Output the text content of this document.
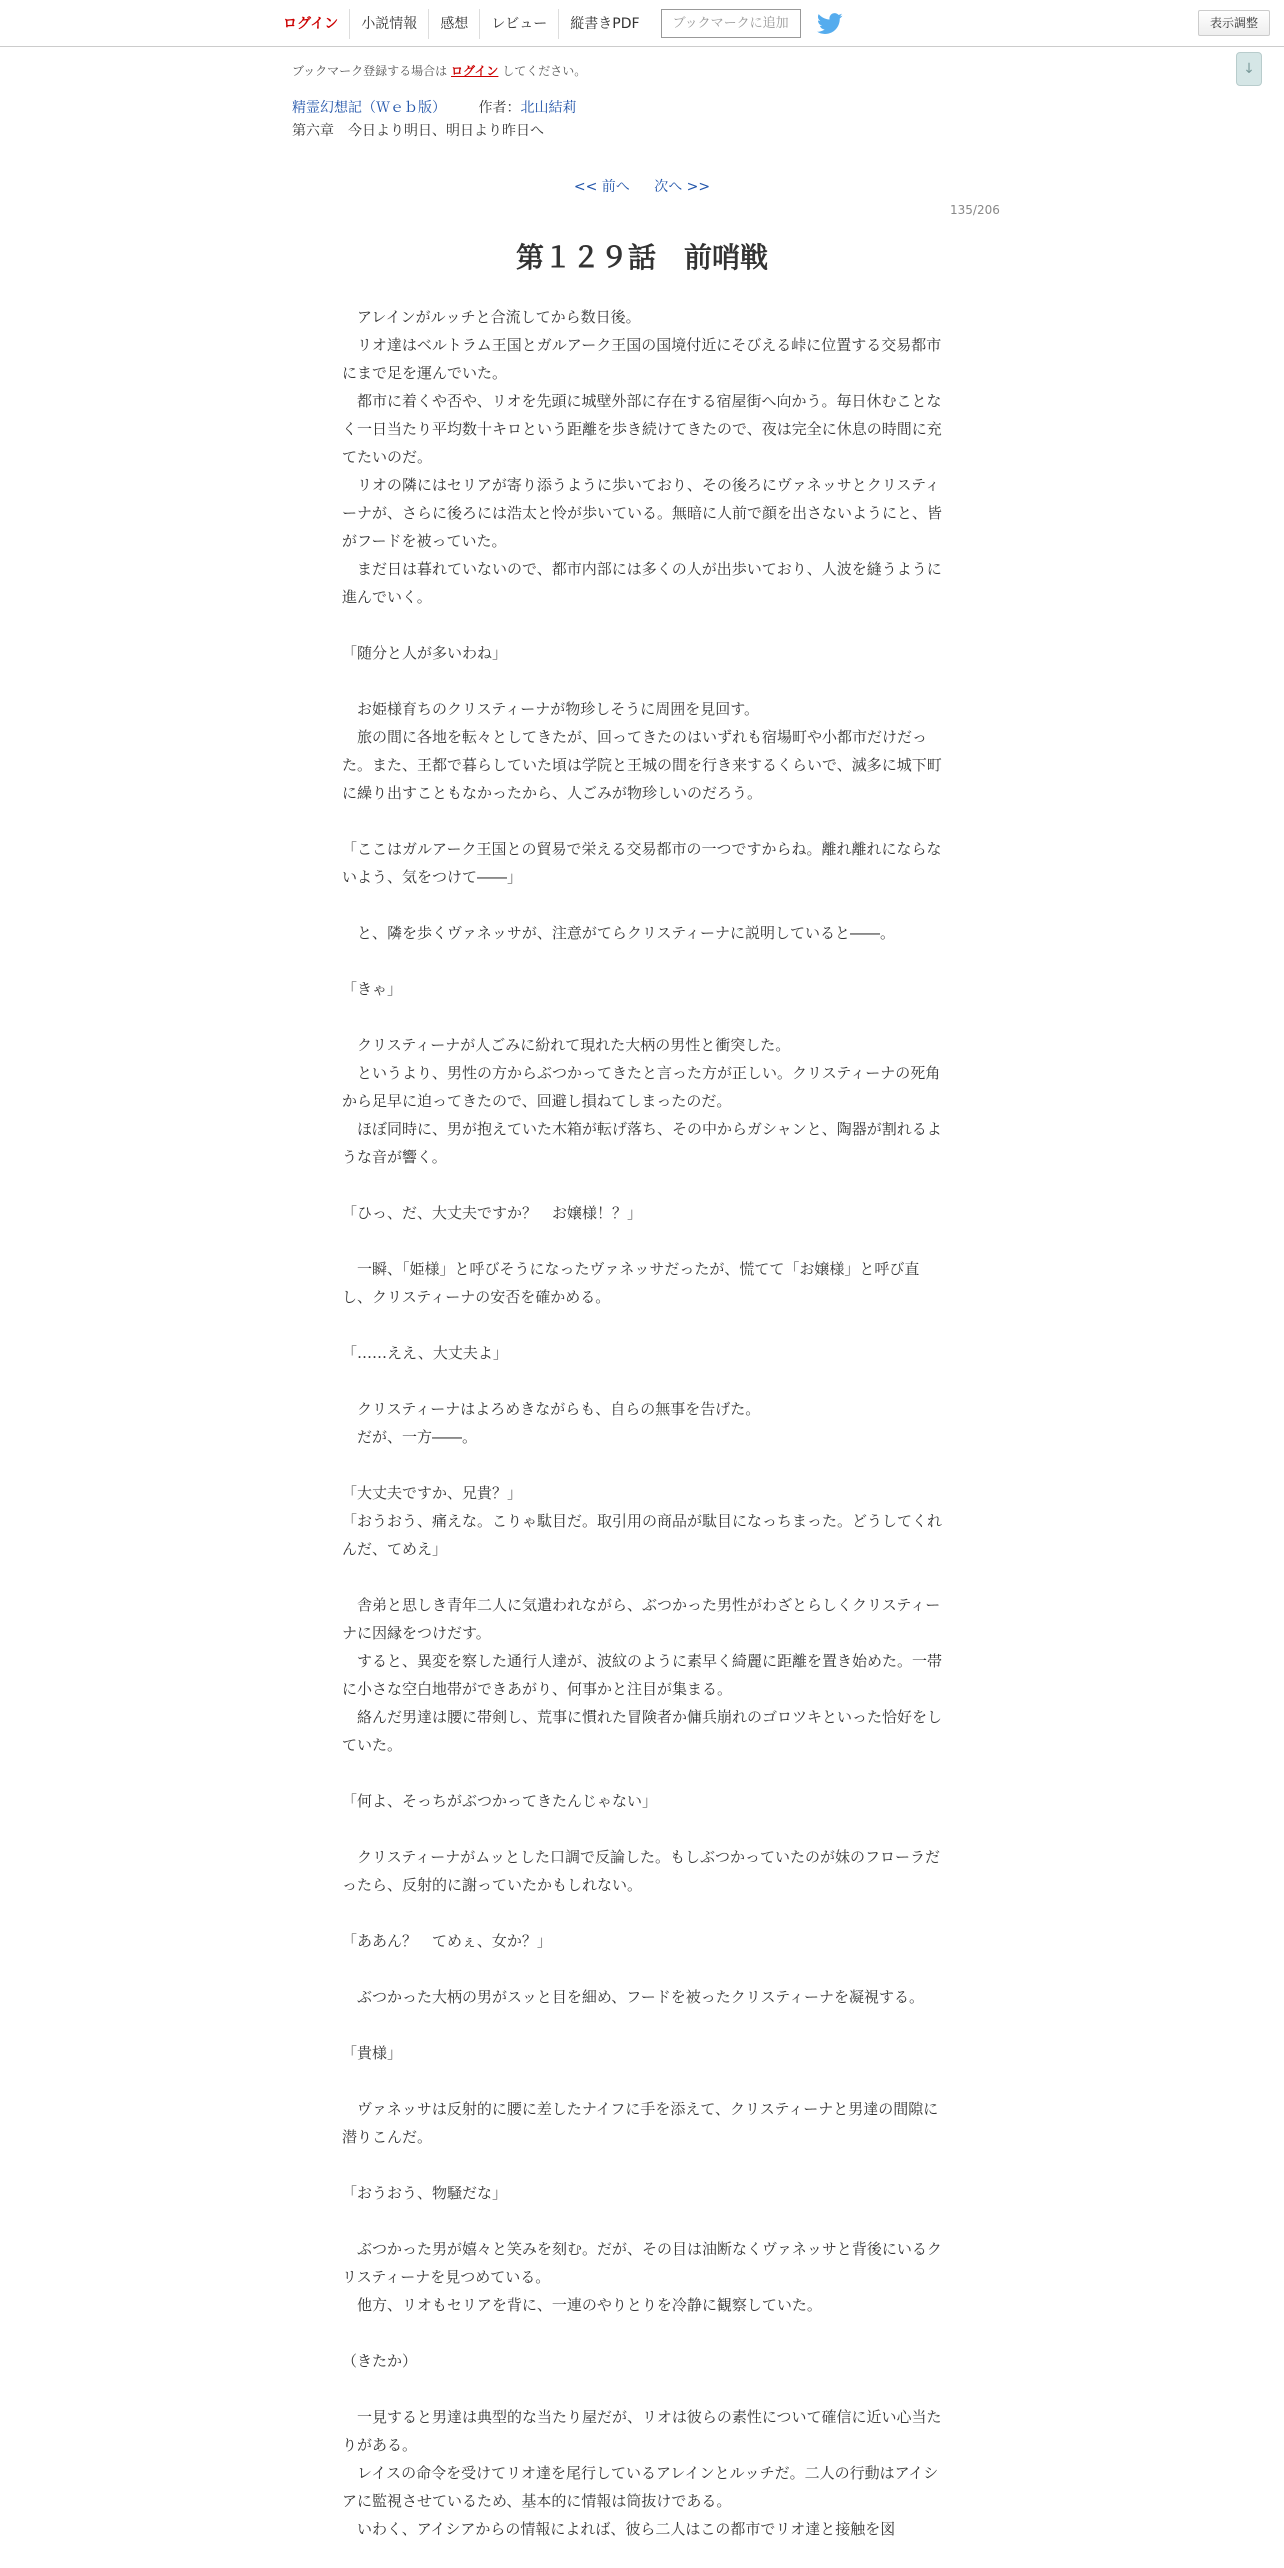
ログイン	小説情報	感想	レビュー	縦書きPDF	ブックマークに追加	表示調整
↓
ブックマーク登録する場合は ログイン してください。
精霊幻想記（Ｗｅｂ版） 作者：北山結莉
第六章　今日より明日、明日より昨日へ
<< 前へ 次へ >>
135/206
第１２９話　前哨戦

　アレインがルッチと合流してから数日後。

　リオ達はベルトラム王国とガルアーク王国の国境付近にそびえる峠に位置する交易都市にまで足を運んでいた。

　都市に着くや否や、リオを先頭に城壁外部に存在する宿屋街へ向かう。毎日休むことなく一日当たり平均数十キロという距離を歩き続けてきたので、夜は完全に休息の時間に充てたいのだ。

　リオの隣にはセリアが寄り添うように歩いており、その後ろにヴァネッサとクリスティーナが、さらに後ろには浩太と怜が歩いている。無暗に人前で顔を出さないようにと、皆がフードを被っていた。

　まだ日は暮れていないので、都市内部には多くの人が出歩いており、人波を縫うように進んでいく。

「随分と人が多いわね」

　お姫様育ちのクリスティーナが物珍しそうに周囲を見回す。

　旅の間に各地を転々としてきたが、回ってきたのはいずれも宿場町や小都市だけだった。また、王都で暮らしていた頃は学院と王城の間を行き来するくらいで、滅多に城下町に繰り出すこともなかったから、人ごみが物珍しいのだろう。

「ここはガルアーク王国との貿易で栄える交易都市の一つですからね。離れ離れにならないよう、気をつけて――」

　と、隣を歩くヴァネッサが、注意がてらクリスティーナに説明していると――。

「きゃ」

　クリスティーナが人ごみに紛れて現れた大柄の男性と衝突した。

　というより、男性の方からぶつかってきたと言った方が正しい。クリスティーナの死角から足早に迫ってきたので、回避し損ねてしまったのだ。

　ほぼ同時に、男が抱えていた木箱が転げ落ち、その中からガシャンと、陶器が割れるような音が響く。

「ひっ、だ、大丈夫ですか？　お嬢様！？」

　一瞬、「姫様」と呼びそうになったヴァネッサだったが、慌てて「お嬢様」と呼び直し、クリスティーナの安否を確かめる。

「……ええ、大丈夫よ」

　クリスティーナはよろめきながらも、自らの無事を告げた。

　だが、一方――。

「大丈夫ですか、兄貴？」

「おうおう、痛えな。こりゃ駄目だ。取引用の商品が駄目になっちまった。どうしてくれんだ、てめえ」

　舎弟と思しき青年二人に気遣われながら、ぶつかった男性がわざとらしくクリスティーナに因縁をつけだす。

　すると、異変を察した通行人達が、波紋のように素早く綺麗に距離を置き始めた。一帯に小さな空白地帯ができあがり、何事かと注目が集まる。

　絡んだ男達は腰に帯剣し、荒事に慣れた冒険者か傭兵崩れのゴロツキといった恰好をしていた。

「何よ、そっちがぶつかってきたんじゃない」

　クリスティーナがムッとした口調で反論した。もしぶつかっていたのが妹のフローラだったら、反射的に謝っていたかもしれない。

「ああん？　てめぇ、女か？」

　ぶつかった大柄の男がスッと目を細め、フードを被ったクリスティーナを凝視する。

「貴様」

　ヴァネッサは反射的に腰に差したナイフに手を添えて、クリスティーナと男達の間隙に潜りこんだ。

「おうおう、物騒だな」

　ぶつかった男が嬉々と笑みを刻む。だが、その目は油断なくヴァネッサと背後にいるクリスティーナを見つめている。

　他方、リオもセリアを背に、一連のやりとりを冷静に観察していた。

（きたか）

　一見すると男達は典型的な当たり屋だが、リオは彼らの素性について確信に近い心当たりがある。

　レイスの命令を受けてリオ達を尾行しているアレインとルッチだ。二人の行動はアイシアに監視させているため、基本的に情報は筒抜けである。

　いわく、アイシアからの情報によれば、彼ら二人はこの都市でリオ達と接触を図
